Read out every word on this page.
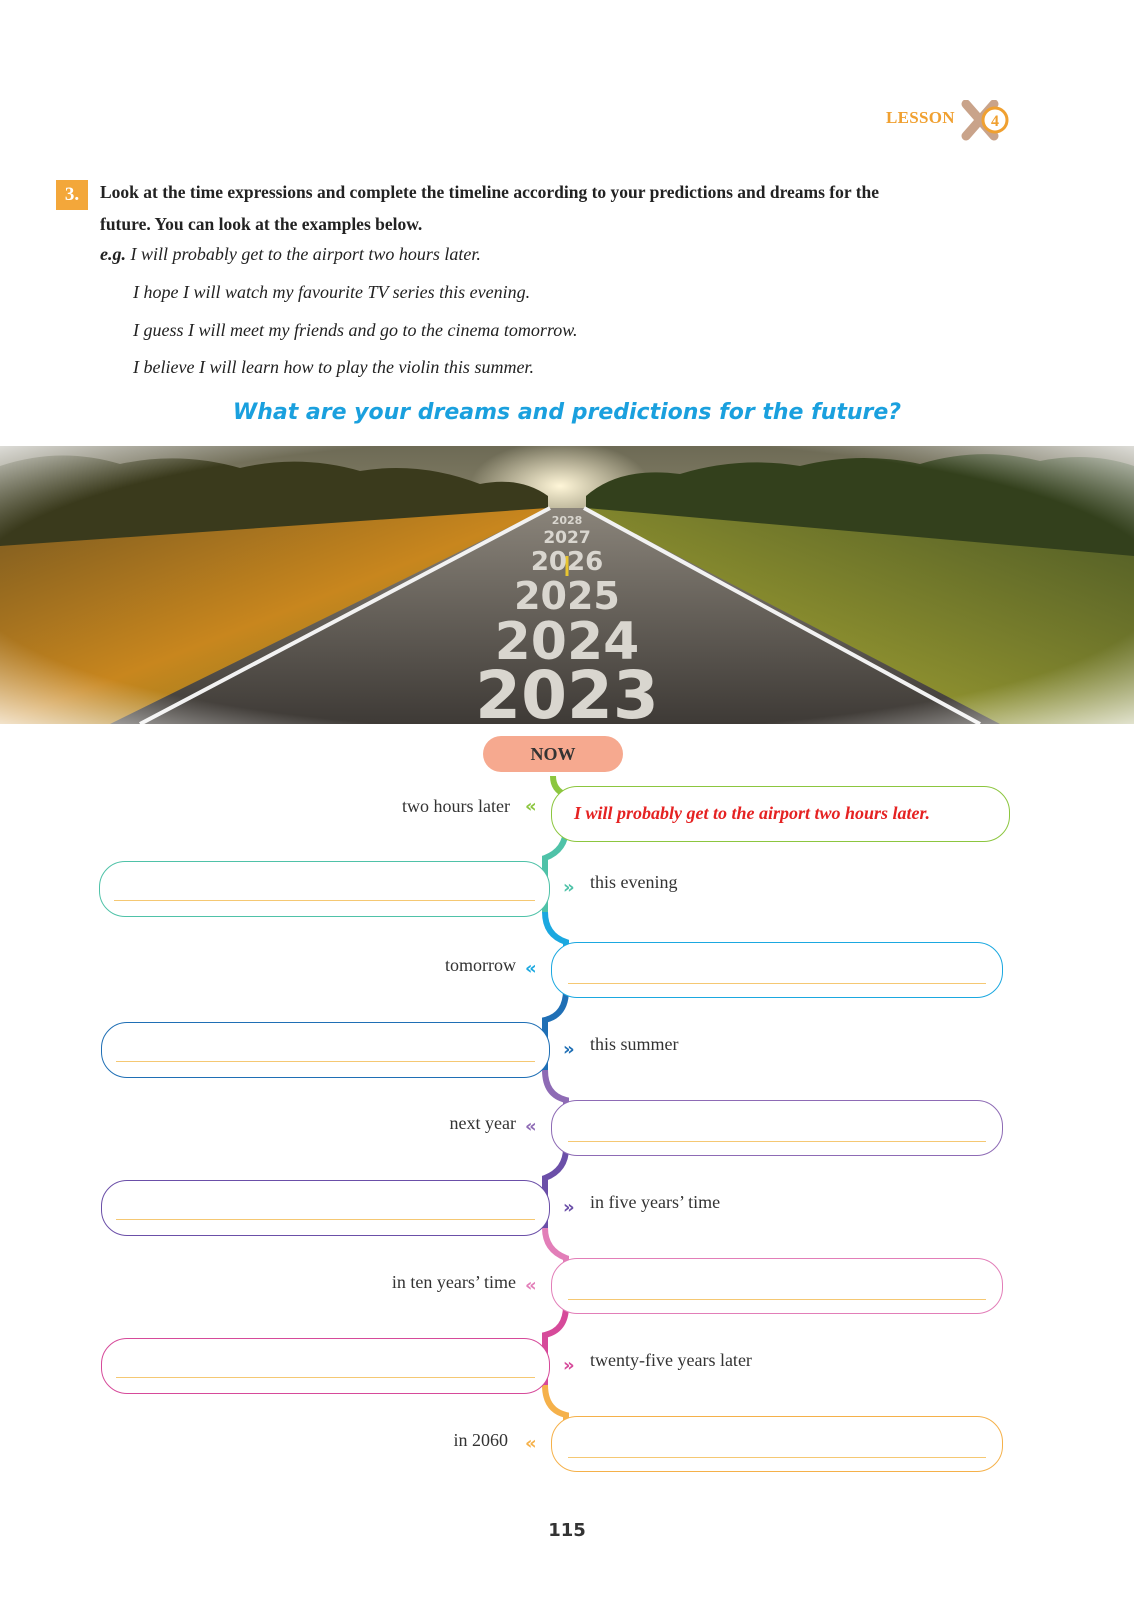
LESSON 4
3.	Look at the time expressions and complete the timeline according to your predictions and dreams for the
future. You can look at the examples below.
e.g. I will probably get to the airport two hours later.
I hope I will watch my favourite TV series this evening.
I guess I will meet my friends and go to the cinema tomorrow.
I believe I will learn how to play the violin this summer.
What are your dreams and predictions for the future?
NOW
two hours later « I will probably get to the airport two hours later.
» this evening
tomorrow «
» this summer
next year «
» in five years’ time
in ten years’ time «
» twenty-five years later
in 2060 «
115
